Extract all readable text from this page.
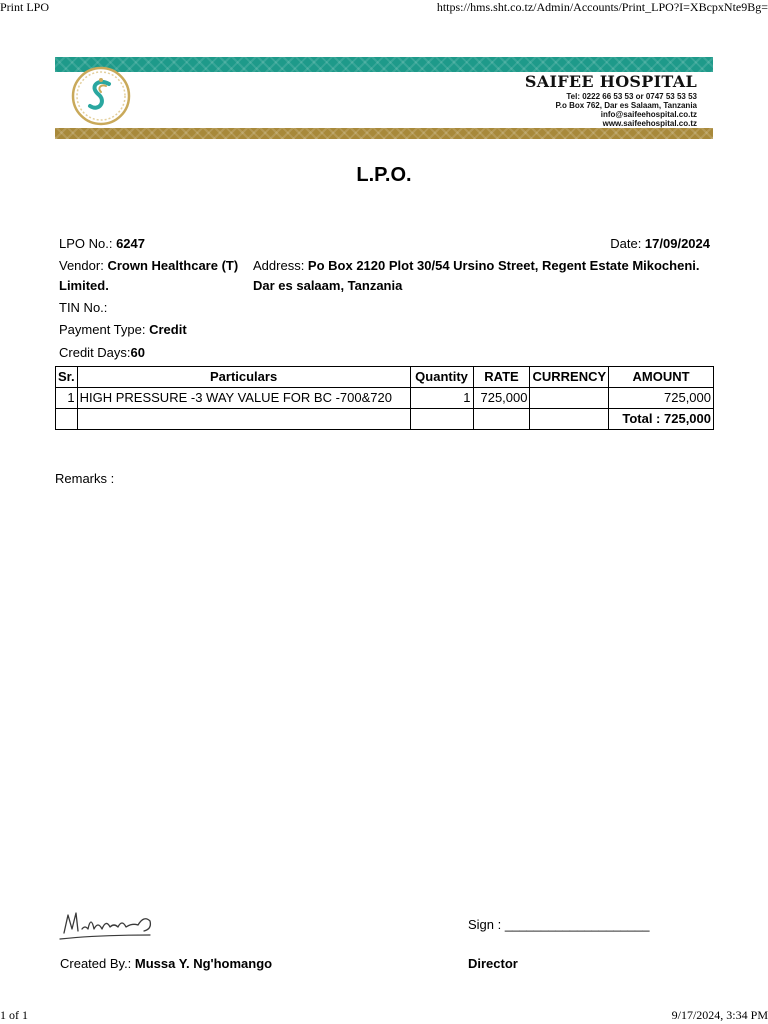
Print LPO	https://hms.sht.co.tz/Admin/Accounts/Print_LPO?I=XBcpxNte9Bg=
SAIFEE HOSPITAL
Tel: 0222 66 53 53 or 0747 53 53 53
P.o Box 762, Dar es Salaam, Tanzania
info@saifeehospital.co.tz
www.saifeehospital.co.tz
L.P.O.
LPO No.: 6247	Date: 17/09/2024
Vendor: Crown Healthcare (T)
Limited.
Address: Po Box 2120 Plot 30/54 Ursino Street, Regent Estate Mikocheni.
Dar es salaam, Tanzania
TIN No.:
Payment Type: Credit
Credit Days:60
Sr.	Particulars	Quantity	RATE	CURRENCY	AMOUNT
1	HIGH PRESSURE -3 WAY VALUE FOR BC -700&720	1	725,000		725,000
					Total : 725,000
Remarks :
Sign : ____________________
Created By.: Mussa Y. Ng'homango	Director
1 of 1	9/17/2024, 3:34 PM
